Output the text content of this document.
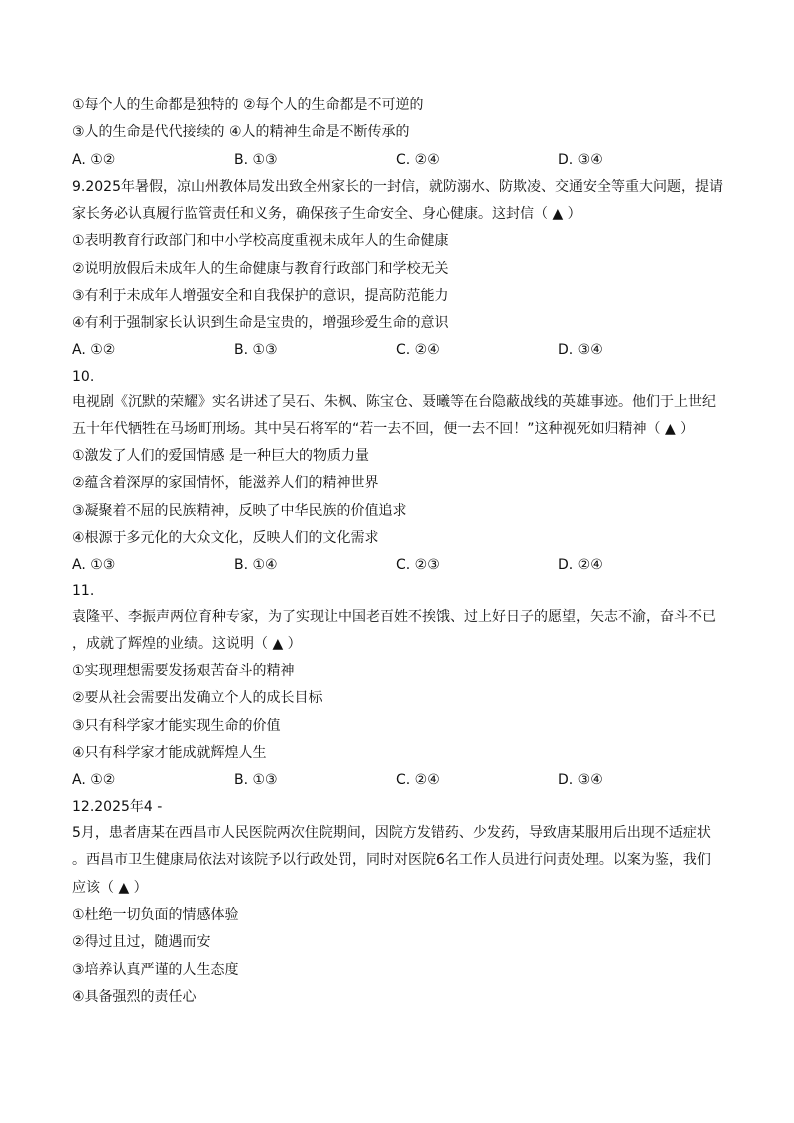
①每个人的生命都是独特的 ②每个人的生命都是不可逆的
③人的生命是代代接续的 ④人的精神生命是不断传承的
A. ①②	B. ①③	C. ②④	D. ③④
9.2025年暑假，凉山州教体局发出致全州家长的一封信，就防溺水、防欺凌、交通安全等重大问题，提请
家长务必认真履行监管责任和义务，确保孩子生命安全、身心健康。这封信（ ▲ ）
①表明教育行政部门和中小学校高度重视未成年人的生命健康
②说明放假后未成年人的生命健康与教育行政部门和学校无关
③有利于未成年人增强安全和自我保护的意识，提高防范能力
④有利于强制家长认识到生命是宝贵的，增强珍爱生命的意识
A. ①②	B. ①③	C. ②④	D. ③④
10.
电视剧《沉默的荣耀》实名讲述了吴石、朱枫、陈宝仓、聂曦等在台隐蔽战线的英雄事迹。他们于上世纪
五十年代牺牲在马场町刑场。其中吴石将军的“若一去不回，便一去不回！”这种视死如归精神（ ▲ ）
①激发了人们的爱国情感 是一种巨大的物质力量
②蕴含着深厚的家国情怀，能滋养人们的精神世界
③凝聚着不屈的民族精神，反映了中华民族的价值追求
④根源于多元化的大众文化，反映人们的文化需求
A. ①③	B. ①④	C. ②③	D. ②④
11.
袁隆平、李振声两位育种专家，为了实现让中国老百姓不挨饿、过上好日子的愿望，矢志不渝，奋斗不已
，成就了辉煌的业绩。这说明（ ▲ ）
①实现理想需要发扬艰苦奋斗的精神
②要从社会需要出发确立个人的成长目标
③只有科学家才能实现生命的价值
④只有科学家才能成就辉煌人生
A. ①②	B. ①③	C. ②④	D. ③④
12.2025年4 -
5月，患者唐某在西昌市人民医院两次住院期间，因院方发错药、少发药，导致唐某服用后出现不适症状
。西昌市卫生健康局依法对该院予以行政处罚，同时对医院6名工作人员进行问责处理。以案为鉴，我们
应该（ ▲ ）
①杜绝一切负面的情感体验
②得过且过，随遇而安
③培养认真严谨的人生态度
④具备强烈的责任心
